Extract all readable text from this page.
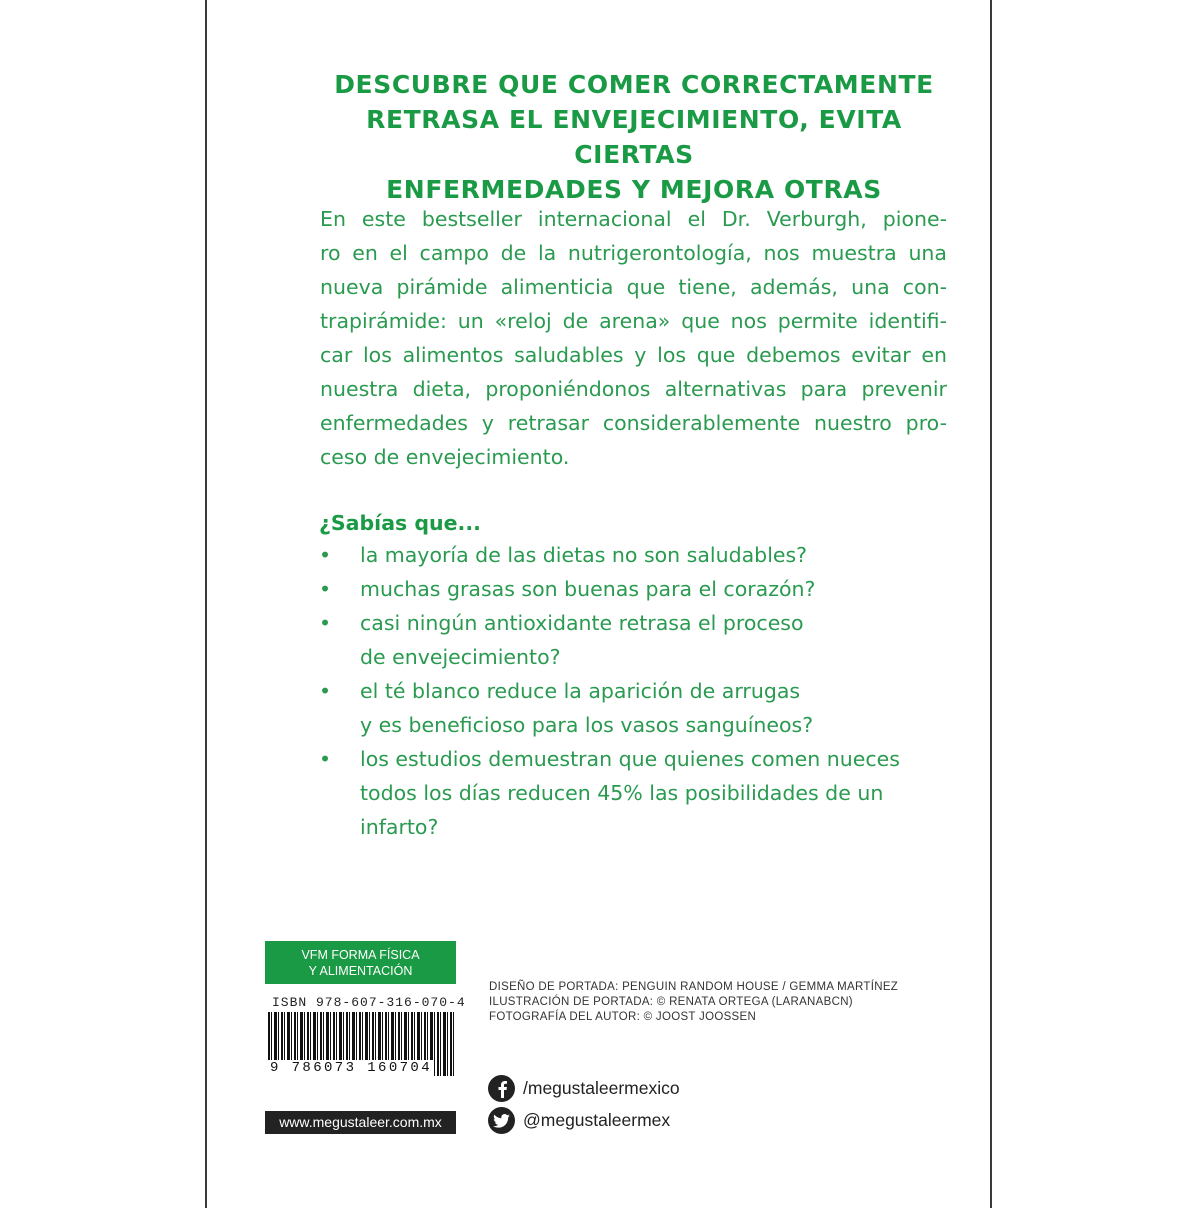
DESCUBRE QUE COMER CORRECTAMENTE
RETRASA EL ENVEJECIMIENTO, EVITA CIERTAS
ENFERMEDADES Y MEJORA OTRAS

En este bestseller internacional el Dr. Verburgh, pione-
ro en el campo de la nutrigerontología, nos muestra una
nueva pirámide alimenticia que tiene, además, una con-
trapirámide: un «reloj de arena» que nos permite identifi-
car los alimentos saludables y los que debemos evitar en
nuestra dieta, proponiéndonos alternativas para prevenir
enfermedades y retrasar considerablemente nuestro pro-
ceso de envejecimiento.

¿Sabías que...
•	la mayoría de las dietas no son saludables?
•	muchas grasas son buenas para el corazón?
•	casi ningún antioxidante retrasa el proceso
de envejecimiento?
•	el té blanco reduce la aparición de arrugas
y es beneficioso para los vasos sanguíneos?
•	los estudios demuestran que quienes comen nueces
todos los días reducen 45% las posibilidades de un
infarto?
VFM FORMA FÍSICA
Y ALIMENTACIÓN
ISBN 978-607-316-070-4
9 786073 160704
www.megustaleer.com.mx
DISEÑO DE PORTADA: PENGUIN RANDOM HOUSE / GEMMA MARTÍNEZ
ILUSTRACIÓN DE PORTADA: © RENATA ORTEGA (LARANABCN)
FOTOGRAFÍA DEL AUTOR: © JOOST JOOSSEN
/megustaleermexico
@megustaleermex
